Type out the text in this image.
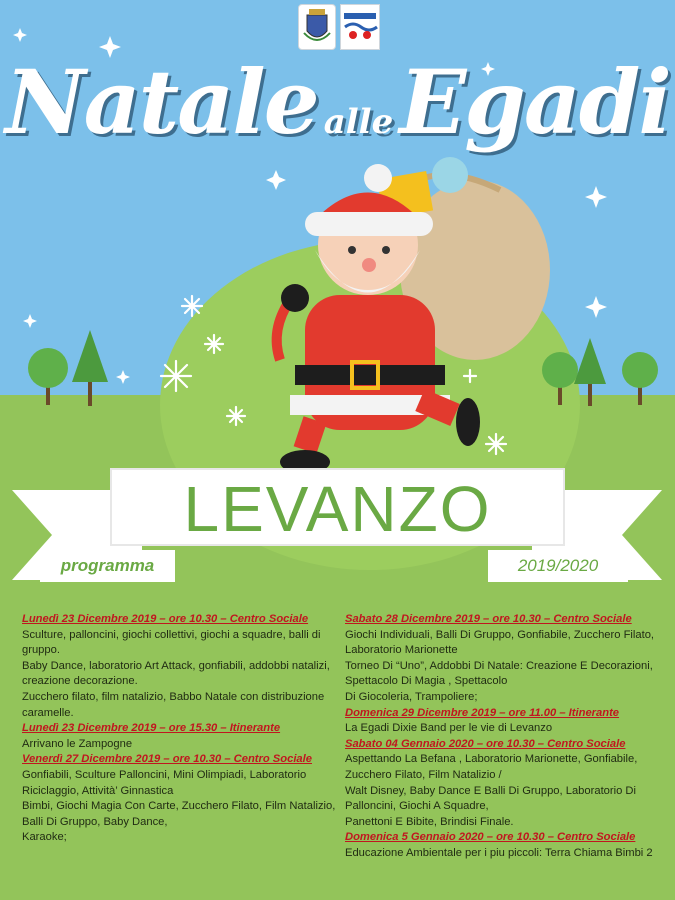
Natale alleEgadi
LEVANZO
programma	2019/2020
Lunedì 23 Dicembre 2019 – ore 10.30 – Centro Sociale
Sculture, palloncini, giochi collettivi, giochi a squadre, balli di gruppo.
Baby Dance, laboratorio Art Attack, gonfiabili, addobbi natalizi, creazione decorazione.
Zucchero filato, film natalizio, Babbo Natale con distribuzione caramelle.
Lunedì 23 Dicembre 2019 – ore 15.30 – Itinerante
Arrivano le Zampogne
Venerdì 27 Dicembre 2019 – ore 10.30 – Centro Sociale
Gonfiabili, Sculture Palloncini, Mini Olimpiadi, Laboratorio Riciclaggio, Attività’ Ginnastica
Bimbi, Giochi Magia Con Carte, Zucchero Filato, Film Natalizio, Balli Di Gruppo, Baby Dance,
Karaoke;
Sabato 28 Dicembre 2019 – ore 10.30 – Centro Sociale
Giochi Individuali, Balli Di Gruppo, Gonfiabile, Zucchero Filato, Laboratorio Marionette
Torneo Di “Uno”, Addobbi Di Natale: Creazione E Decorazioni, Spettacolo Di Magia , Spettacolo
Di Giocoleria, Trampoliere;
Domenica 29 Dicembre 2019 – ore 11.00 – Itinerante
La Egadi Dixie Band per le vie di Levanzo
Sabato 04 Gennaio 2020 – ore 10.30 – Centro Sociale
Aspettando La Befana , Laboratorio Marionette, Gonfiabile, Zucchero Filato, Film Natalizio /
Walt Disney, Baby Dance E Balli Di Gruppo, Laboratorio Di Palloncini, Giochi A Squadre,
Panettoni E Bibite, Brindisi Finale.
Domenica 5 Gennaio 2020 – ore 10.30 – Centro Sociale
Educazione Ambientale per i piu piccoli: Terra Chiama Bimbi 2
